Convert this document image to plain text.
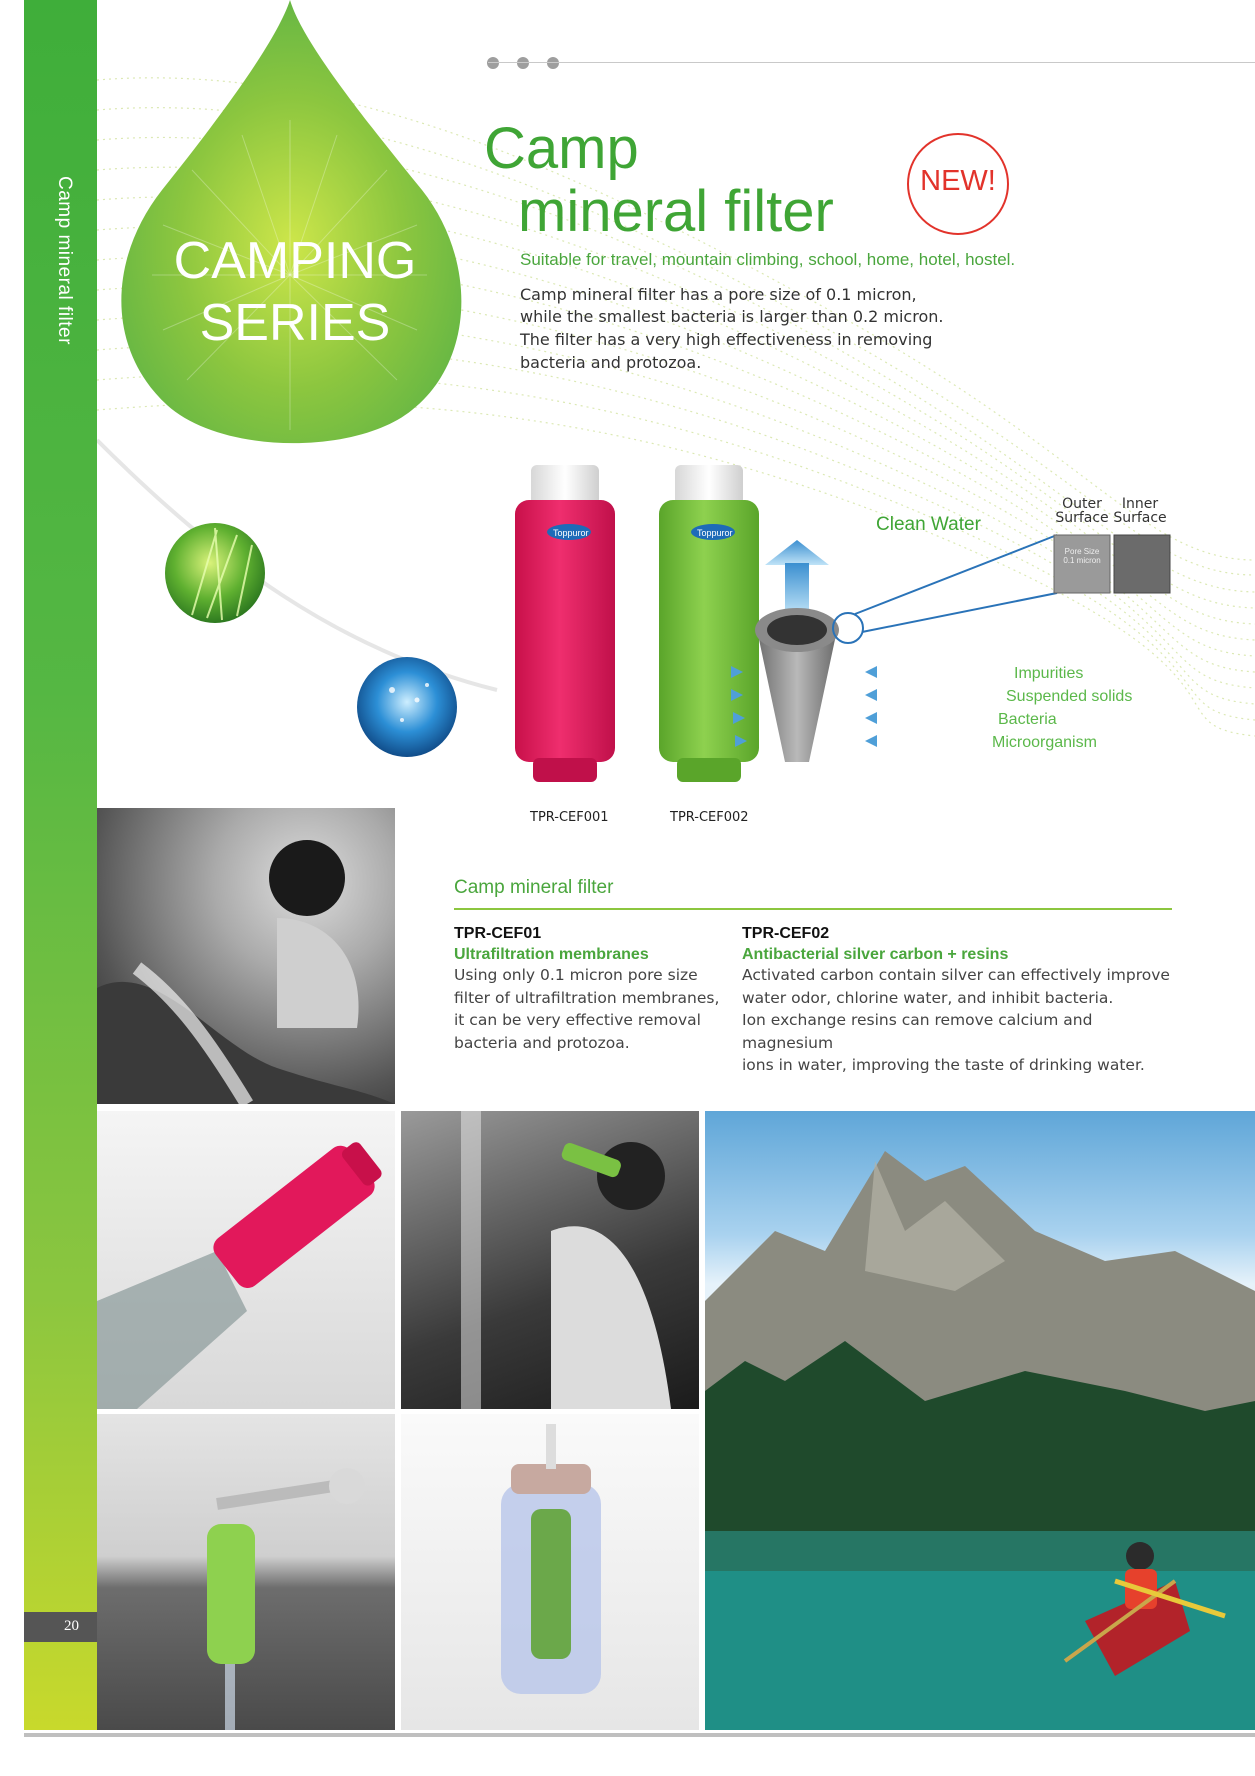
Camp mineral filter
20
Toppuror	Toppuror
CAMPING
SERIES
Camp
mineral filter	NEW!
Suitable for travel, mountain climbing, school, home, hotel, hostel.
Camp mineral filter has a pore size of 0.1 micron,
while the smallest bacteria is larger than 0.2 micron.
The filter has a very high effectiveness in removing
bacteria and protozoa.
TPR-CEF001	TPR-CEF002
Clean Water
Outer
Surface
Inner
Surface
Pore Size
0.1 micron
Impurities
Suspended solids
Bacteria
Microorganism
Camp mineral filter
TPR-CEF01
Ultrafiltration membranes
Using only 0.1 micron pore size
filter of ultrafiltration membranes,
it can be very effective removal
bacteria and protozoa.
TPR-CEF02
Antibacterial silver carbon + resins
Activated carbon contain silver can effectively improve
water odor, chlorine water, and inhibit bacteria.
Ion exchange resins can remove calcium and magnesium
ions in water, improving the taste of drinking water.
